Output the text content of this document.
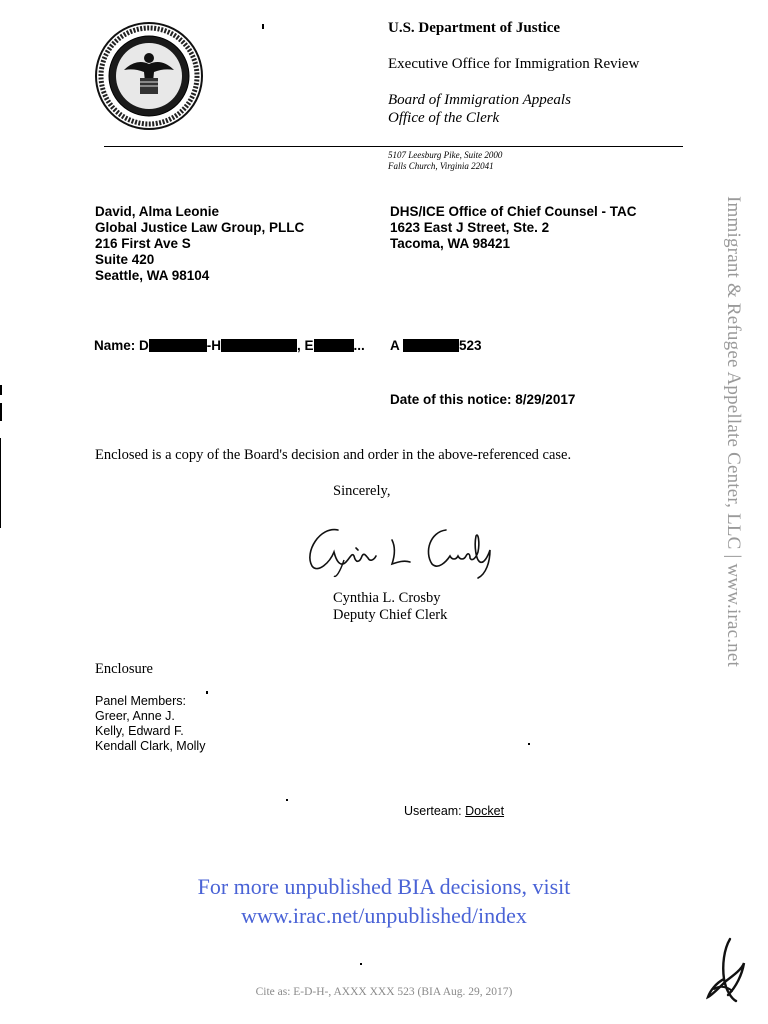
U.S. Department of Justice
Executive Office for Immigration Review
Board of Immigration Appeals
Office of the Clerk
5107 Leesburg Pike, Suite 2000
Falls Church, Virginia 22041
David, Alma Leonie
Global Justice Law Group, PLLC
216 First Ave S
Suite 420
Seattle, WA 98104
DHS/ICE Office of Chief Counsel - TAC
1623 East J Street, Ste. 2
Tacoma, WA 98421
Name: D	-H	, E	... A	523
Date of this notice: 8/29/2017
Enclosed is a copy of the Board's decision and order in the above-referenced case.
Sincerely,
Cynthia L. Crosby
Deputy Chief Clerk
Enclosure
Panel Members:
Greer, Anne J.
Kelly, Edward F.
Kendall Clark, Molly
Userteam: Docket
For more unpublished BIA decisions, visit
www.irac.net/unpublished/index
Cite as: E-D-H-, AXXX XXX 523 (BIA Aug. 29, 2017)
Immigrant & Refugee Appellate Center, LLC | www.irac.net
